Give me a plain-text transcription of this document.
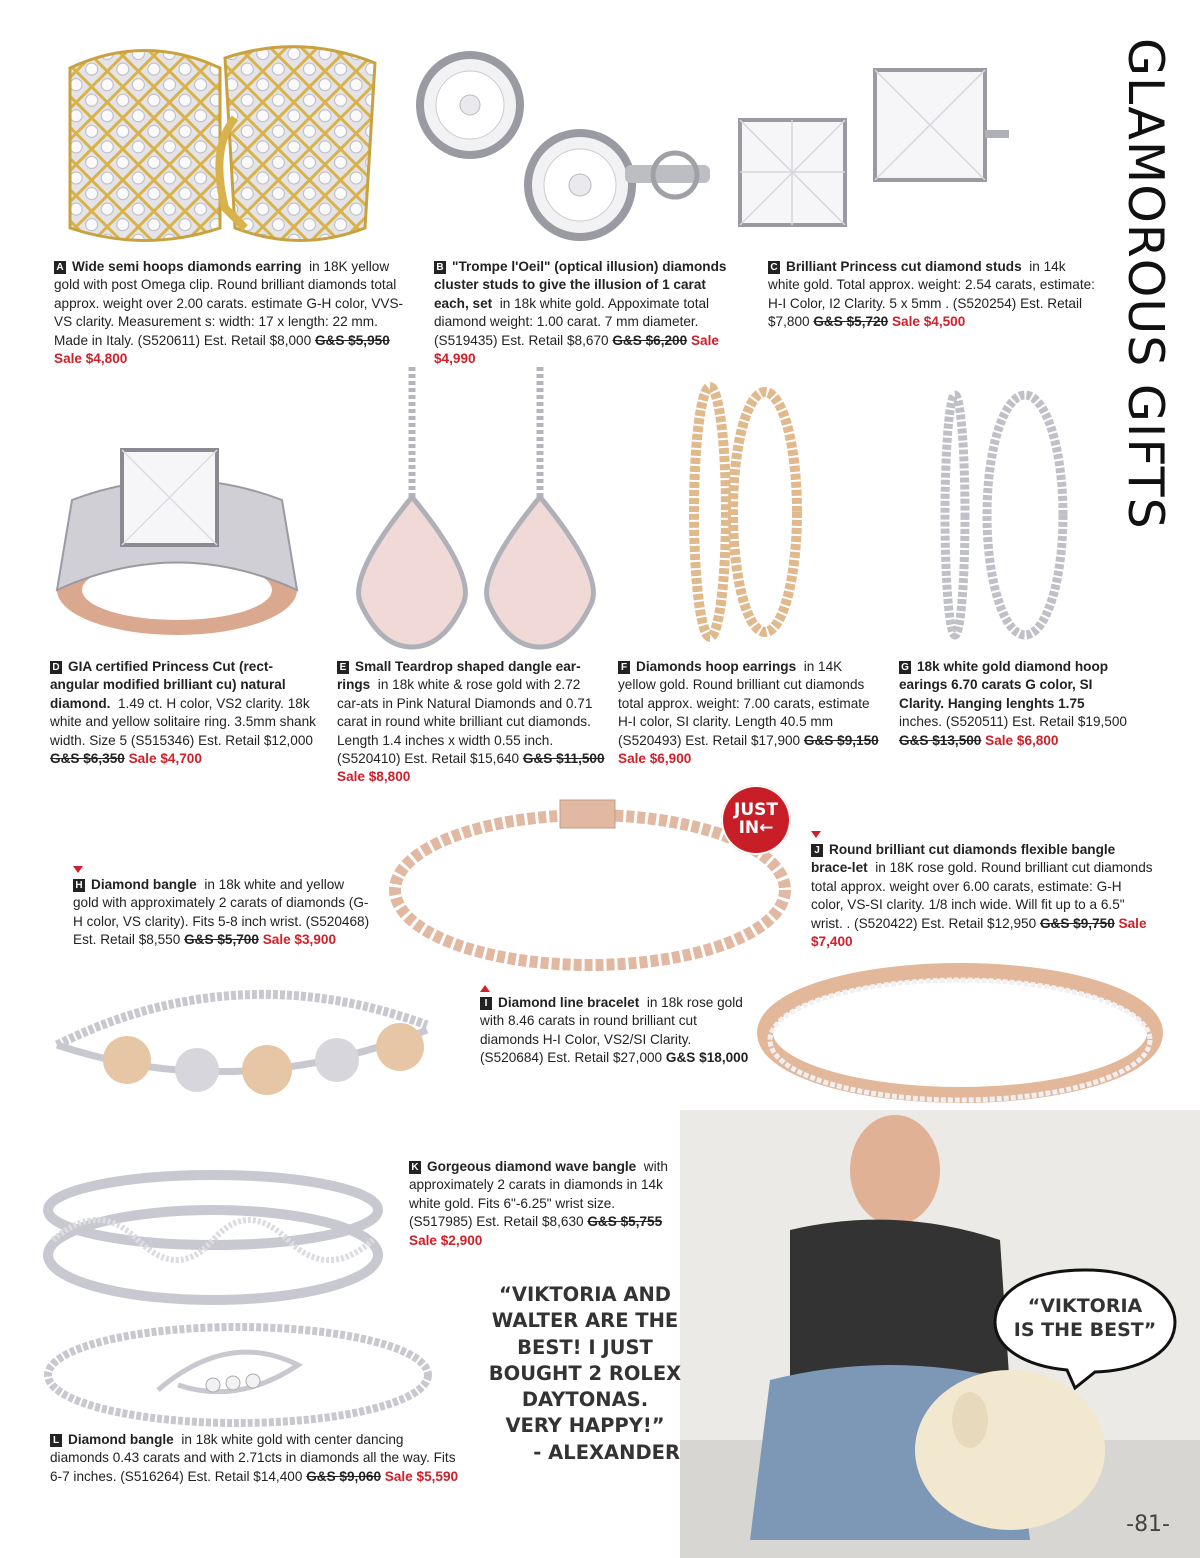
GLAMOROUS GIFTS
JUST
IN←
A Wide semi hoops diamonds earring in 18K yellow gold with post Omega clip. Round brilliant diamonds total approx. weight over 2.00 carats. estimate G-H color, VVS-VS clarity. Measurement s: width: 17 x length: 22 mm. Made in Italy. (S520611) Est. Retail $8,000 G&S $5,950 Sale $4,800
B "Trompe l'Oeil" (optical illusion) diamonds cluster studs to give the illusion of 1 carat each, set in 18k white gold. Appoximate total diamond weight: 1.00 carat. 7 mm diameter. (S519435) Est. Retail $8,670 G&S $6,200 Sale $4,990
C Brilliant Princess cut diamond studs in 14k white gold. Total approx. weight: 2.54 carats, estimate: H-I Color, I2 Clarity. 5 x 5mm . (S520254) Est. Retail $7,800 G&S $5,720 Sale $4,500
D GIA certified Princess Cut (rect-angular modified brilliant cu) natural diamond. 1.49 ct. H color, VS2 clarity. 18k white and yellow solitaire ring. 3.5mm shank width. Size 5 (S515346) Est. Retail $12,000 G&S $6,350 Sale $4,700
E Small Teardrop shaped dangle ear-rings in 18k white & rose gold with 2.72 car-ats in Pink Natural Diamonds and 0.71 carat in round white brilliant cut diamonds. Length 1.4 inches x width 0.55 inch. (S520410) Est. Retail $15,640 G&S $11,500 Sale $8,800
F Diamonds hoop earrings in 14K yellow gold. Round brilliant cut diamonds total approx. weight: 7.00 carats, estimate H-I color, SI clarity. Length 40.5 mm (S520493) Est. Retail $17,900 G&S $9,150 Sale $6,900
G 18k white gold diamond hoop earings 6.70 carats G color, SI Clarity. Hanging lenghts 1.75  inches. (S520511) Est. Retail $19,500 G&S $13,500 Sale $6,800
H Diamond bangle in 18k white and yellow gold with approximately 2 carats of diamonds (G-H color, VS clarity). Fits 5-8 inch wrist. (S520468) Est. Retail $8,550 G&S $5,700 Sale $3,900
I Diamond line bracelet in 18k rose gold with 8.46 carats in round brilliant cut diamonds H-I Color, VS2/SI Clarity. (S520684) Est. Retail $27,000 G&S $18,000
J Round brilliant cut diamonds flexible bangle brace-let in 18K rose gold. Round brilliant cut diamonds total approx. weight over 6.00 carats, estimate: G-H color, VS-SI clarity. 1/8 inch wide. Will fit up to a 6.5" wrist. . (S520422) Est. Retail $12,950 G&S $9,750 Sale $7,400
K Gorgeous diamond wave bangle with approximately 2 carats in diamonds in 14k white gold. Fits 6"-6.25" wrist size. (S517985) Est. Retail $8,630 G&S $5,755 Sale $2,900
L Diamond bangle in 18k white gold with center dancing diamonds 0.43 carats and with 2.71cts in diamonds all the way. Fits 6-7 inches. (S516264) Est. Retail $14,400 G&S $9,060 Sale $5,590
“VIKTORIA AND
WALTER ARE THE
BEST! I JUST
BOUGHT 2 ROLEX
DAYTONAS.
VERY HAPPY!”
- ALEXANDER
“VIKTORIA
IS THE BEST”
-81-
